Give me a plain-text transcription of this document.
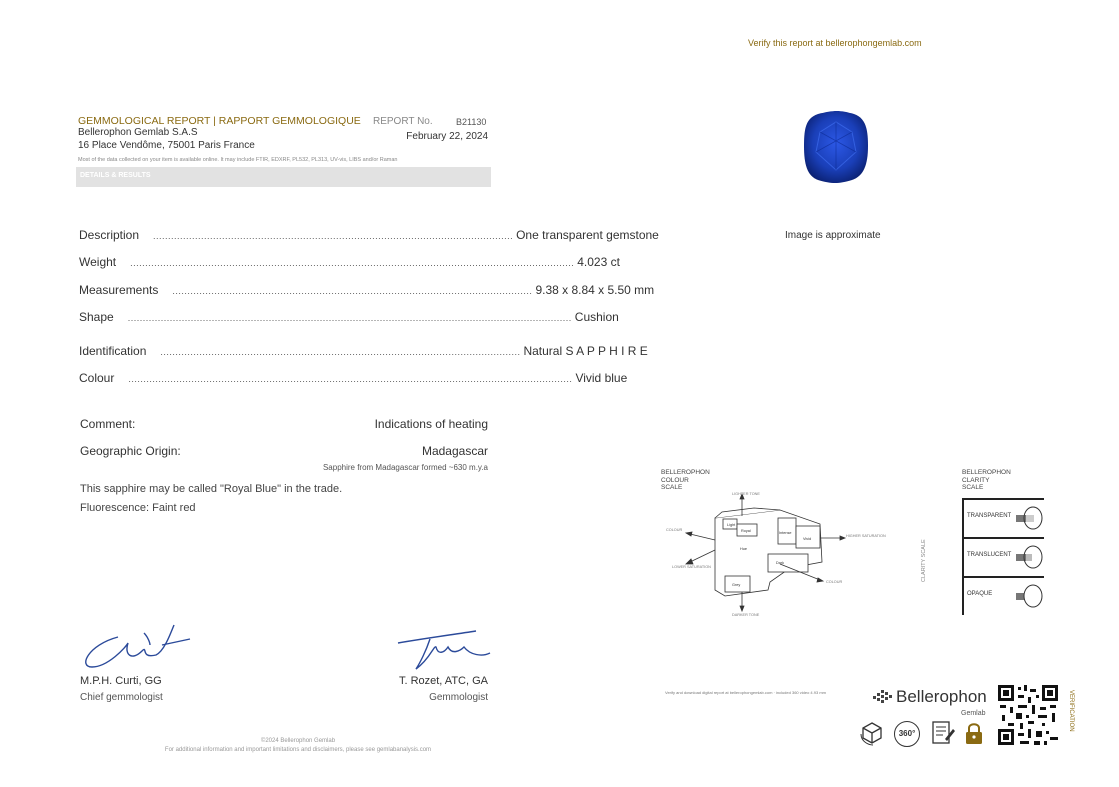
Verify this report at bellerophongemlab.com
GEMMOLOGICAL REPORT | RAPPORT GEMMOLOGIQUE REPORT No.	B21130
Bellerophon Gemlab S.A.S
16 Place Vendôme, 75001 Paris France
February 22, 2024
Most of the data collected on your item is available online. It may include FTIR, EDXRF, PL532, PL313, UV-vis, LIBS and/or Raman
DETAILS & RESULTS
Description ........................................................................................................................ One transparent gemstone
Weight .................................................................................................................................................... 4.023 ct
Measurements ........................................................................................................................ 9.38 x 8.84 x 5.50 mm
Shape .................................................................................................................................................... Cushion
Identification ........................................................................................................................ Natural S A P P H I R E
Colour .................................................................................................................................................... Vivid blue
Comment:	Indications of heating
Geographic Origin:	Madagascar
Sapphire from Madagascar formed ~630 m.y.a
This sapphire may be called "Royal Blue" in the trade.
Fluorescence: Faint red
M.P.H. Curti, GG
Chief gemmologist
T. Rozet, ATC, GA
Gemmologist
©2024 Bellerophon Gemlab
For additional information and important limitations and disclaimers, please see gemlabanalysis.com
Image is approximate
BELLEROPHON
COLOUR
SCALE
Light
Royal
Hue
Intense
Vivid
Grey
Dark
LIGHTER TONE
DARKER TONE
COLOUR
COLOUR
HIGHER SATURATION
LOWER SATURATION
BELLEROPHON
CLARITY
SCALE
CLARITY SCALE
TRANSPARENT
TRANSLUCENT
OPAQUE
Verify and download digital report at bellerophongemlab.com · included 360 video 4.93 mm	Bellerophon
Gemlab
360°
VERIFICATION
